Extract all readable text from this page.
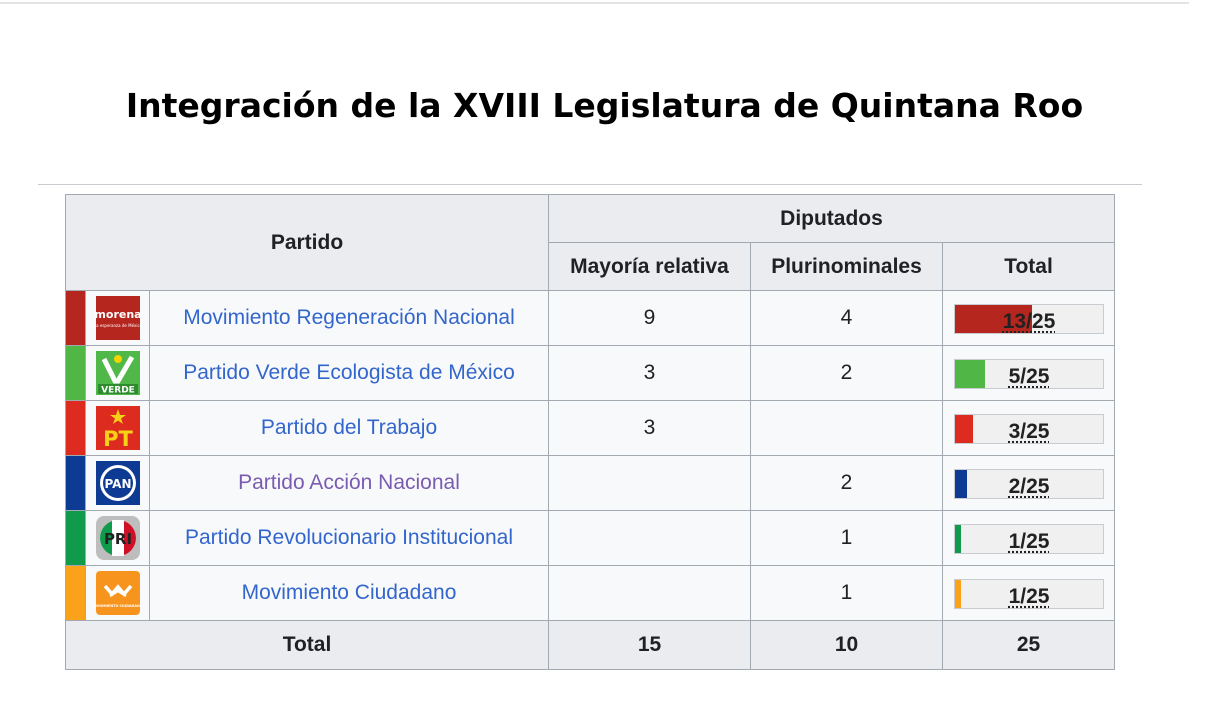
Integración de la XVIII Legislatura de Quintana Roo
Partido			Diputados		
			Mayoría relativa	Plurinominales	Total

morena
La esperanza de México	Movimiento Regeneración Nacional	9	4	13/25

VERDE	Partido Verde Ecologista de México	3	2	5/25

PT	Partido del Trabajo	3		3/25

PAN	Partido Acción Nacional		2	2/25

PRI	Partido Revolucionario Institucional		1	1/25

MOVIMIENTO CIUDADANO	Movimiento Ciudadano		1	1/25

Total			15	10	25
